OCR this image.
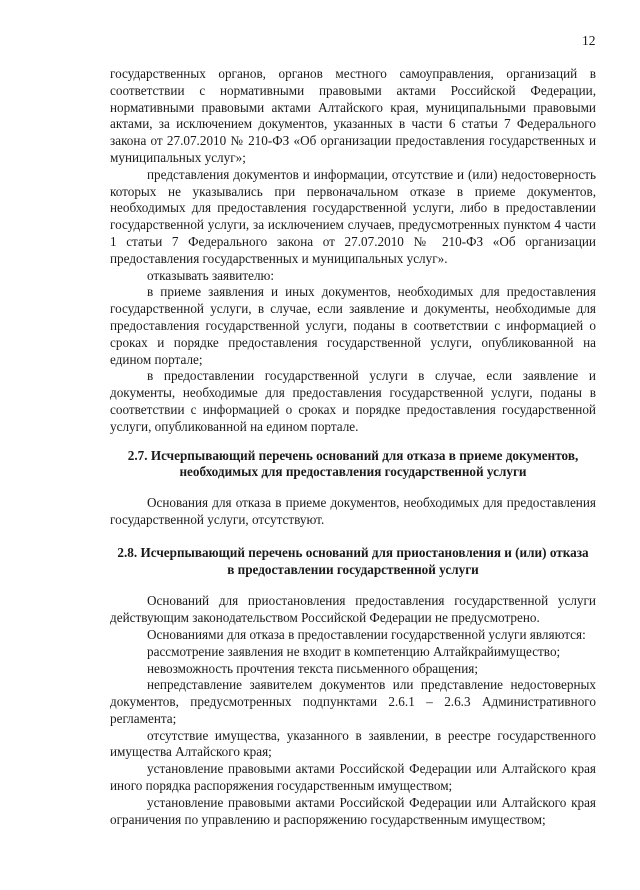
12

государственных органов, органов местного самоуправления, организаций в соответствии с нормативными правовыми актами Российской Федерации, нормативными правовыми актами Алтайского края, муниципальными правовыми актами, за исключением документов, указанных в части 6 статьи 7 Федерального закона от 27.07.2010 № 210-ФЗ «Об организации предоставления государственных и муниципальных услуг»;

представления документов и информации, отсутствие и (или) недостоверность которых не указывались при первоначальном отказе в приеме документов, необходимых для предоставления государственной услуги, либо в предоставлении государственной услуги, за исключением случаев, предусмотренных пунктом 4 части 1 статьи 7 Федерального закона от 27.07.2010 № 210-ФЗ «Об организации предоставления государственных и муниципальных услуг».

отказывать заявителю:

в приеме заявления и иных документов, необходимых для предоставления государственной услуги, в случае, если заявление и документы, необходимые для предоставления государственной услуги, поданы в соответствии с информацией о сроках и порядке предоставления государственной услуги, опубликованной на едином портале;

в предоставлении государственной услуги в случае, если заявление и документы, необходимые для предоставления государственной услуги, поданы в соответствии с информацией о сроках и порядке предоставления государственной услуги, опубликованной на едином портале.

2.7. Исчерпывающий перечень оснований для отказа в приеме документов,
необходимых для предоставления государственной услуги

Основания для отказа в приеме документов, необходимых для предоставления государственной услуги, отсутствуют.

2.8. Исчерпывающий перечень оснований для приостановления и (или) отказа
в предоставлении государственной услуги

Оснований для приостановления предоставления государственной услуги действующим законодательством Российской Федерации не предусмотрено.

Основаниями для отказа в предоставлении государственной услуги являются:

рассмотрение заявления не входит в компетенцию Алтайкрайимущество;

невозможность прочтения текста письменного обращения;

непредставление заявителем документов или представление недостоверных документов, предусмотренных подпунктами 2.6.1 – 2.6.3 Административного регламента;

отсутствие имущества, указанного в заявлении, в реестре государственного имущества Алтайского края;

установление правовыми актами Российской Федерации или Алтайского края иного порядка распоряжения государственным имуществом;

установление правовыми актами Российской Федерации или Алтайского края ограничения по управлению и распоряжению государственным имуществом;
